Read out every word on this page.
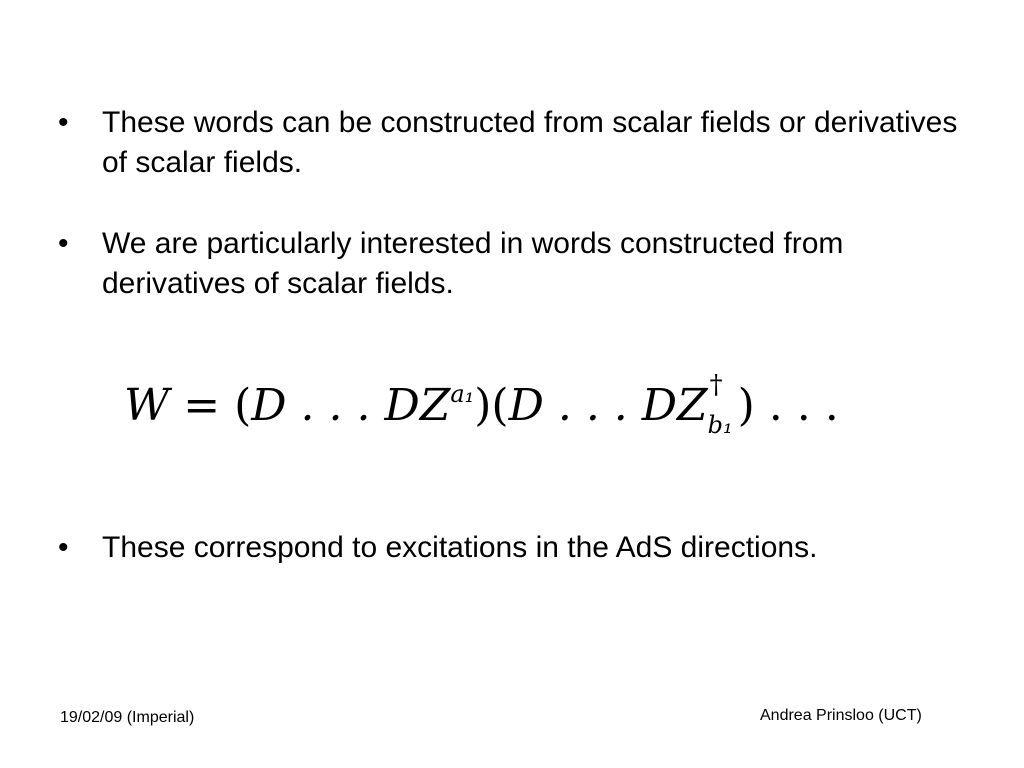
•	These words can be constructed from scalar fields or derivatives of scalar fields.
•	We are particularly interested in words constructed from derivatives of scalar fields.
W = (D . . . $DZ^{a_1})(D$ . . . DZ †
b₁ ) . . .
•	These correspond to excitations in the AdS directions.
19/02/09 (Imperial)	Andrea Prinsloo (UCT)
